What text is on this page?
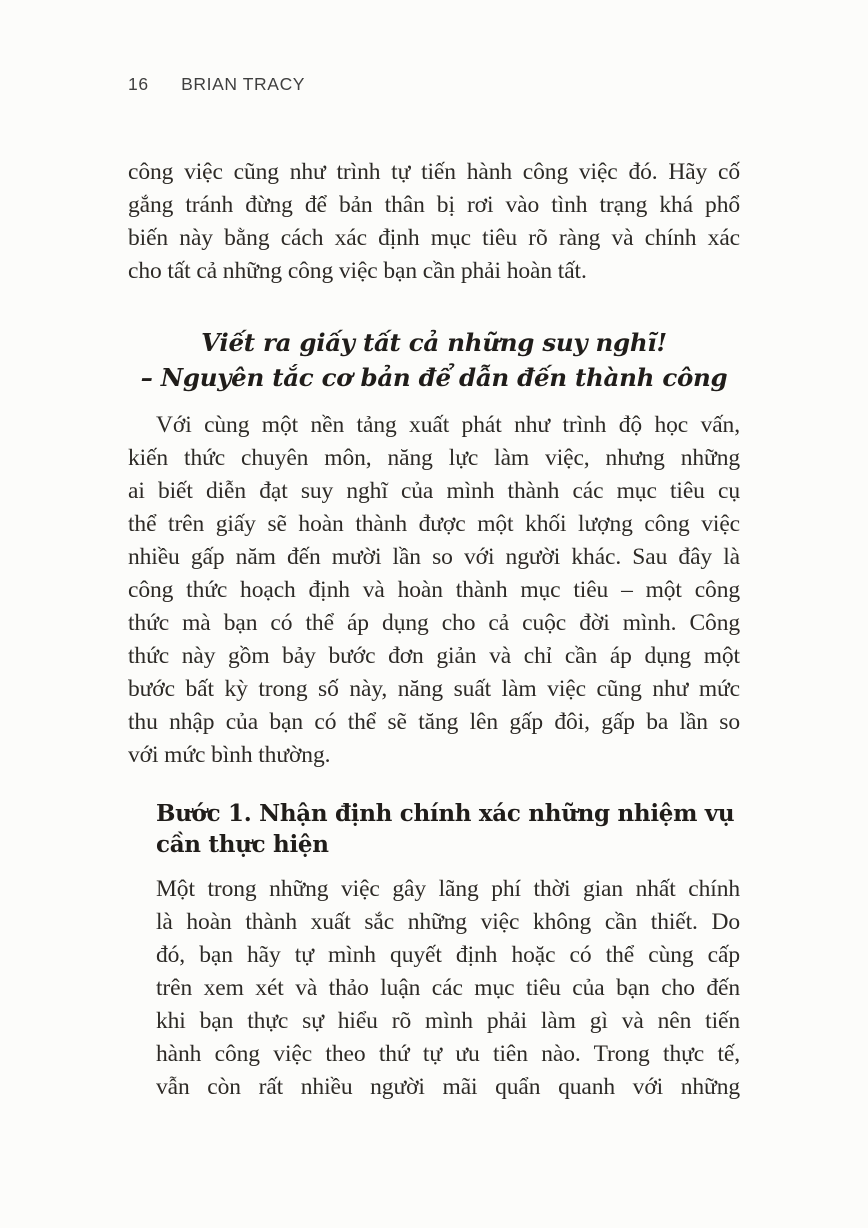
16 BRIAN TRACY
công việc cũng như trình tự tiến hành công việc đó. Hãy cố
gắng tránh đừng để bản thân bị rơi vào tình trạng khá phổ
biến này bằng cách xác định mục tiêu rõ ràng và chính xác
cho tất cả những công việc bạn cần phải hoàn tất.
Viết ra giấy tất cả những suy nghĩ!
– Nguyên tắc cơ bản để dẫn đến thành công
Với cùng một nền tảng xuất phát như trình độ học vấn,
kiến thức chuyên môn, năng lực làm việc, nhưng những
ai biết diễn đạt suy nghĩ của mình thành các mục tiêu cụ
thể trên giấy sẽ hoàn thành được một khối lượng công việc
nhiều gấp năm đến mười lần so với người khác. Sau đây là
công thức hoạch định và hoàn thành mục tiêu – một công
thức mà bạn có thể áp dụng cho cả cuộc đời mình. Công
thức này gồm bảy bước đơn giản và chỉ cần áp dụng một
bước bất kỳ trong số này, năng suất làm việc cũng như mức
thu nhập của bạn có thể sẽ tăng lên gấp đôi, gấp ba lần so
với mức bình thường.
Bước 1. Nhận định chính xác những nhiệm vụ
cần thực hiện
Một trong những việc gây lãng phí thời gian nhất chính
là hoàn thành xuất sắc những việc không cần thiết. Do
đó, bạn hãy tự mình quyết định hoặc có thể cùng cấp
trên xem xét và thảo luận các mục tiêu của bạn cho đến
khi bạn thực sự hiểu rõ mình phải làm gì và nên tiến
hành công việc theo thứ tự ưu tiên nào. Trong thực tế,
vẫn còn rất nhiều người mãi quẩn quanh với những
